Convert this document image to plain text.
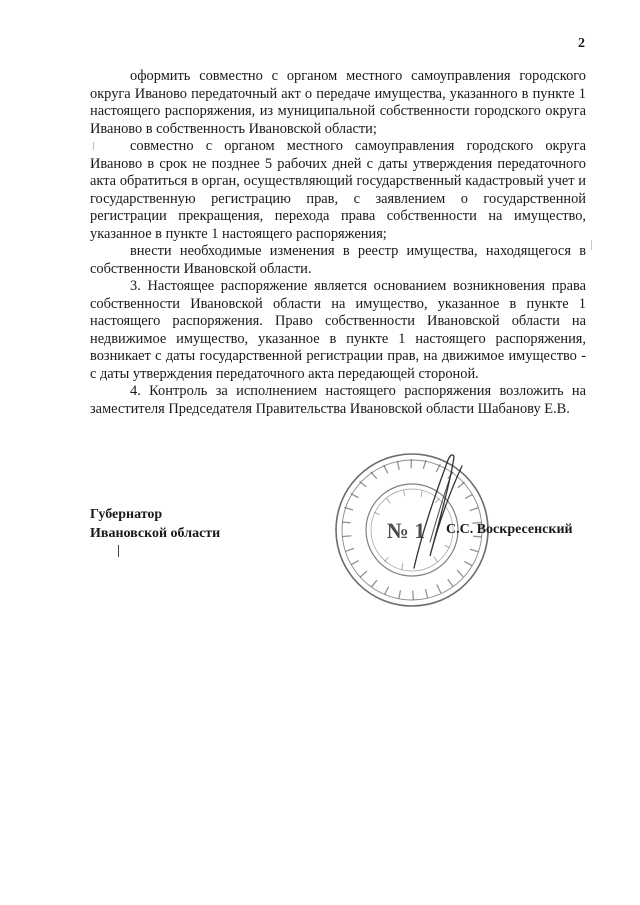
2

оформить совместно с органом местного самоуправления городского округа Иваново передаточный акт о передаче имущества, указанного в пункте 1 настоящего распоряжения, из муниципальной собственности городского округа Иваново в собственность Ивановской области;

совместно с органом местного самоуправления городского округа Иваново в срок не позднее 5 рабочих дней с даты утверждения передаточного акта обратиться в орган, осуществляющий государственный кадастровый учет и государственную регистрацию прав, с заявлением о государственной регистрации прекращения, перехода права собственности на имущество, указанное в пункте 1 настоящего распоряжения;

внести необходимые изменения в реестр имущества, находящегося в собственности Ивановской области.

3. Настоящее распоряжение является основанием возникновения права собственности Ивановской области на имущество, указанное в пункте 1 настоящего распоряжения. Право собственности Ивановской области на недвижимое имущество, указанное в пункте 1 настоящего распоряжения, возникает с даты государственной регистрации прав, на движимое имущество - с даты утверждения передаточного акта передающей стороной.

4. Контроль за исполнением настоящего распоряжения возложить на заместителя Председателя Правительства Ивановской области Шабанову Е.В.

Губернатор
Ивановской области	№ 1 С.С. Воскресенский
